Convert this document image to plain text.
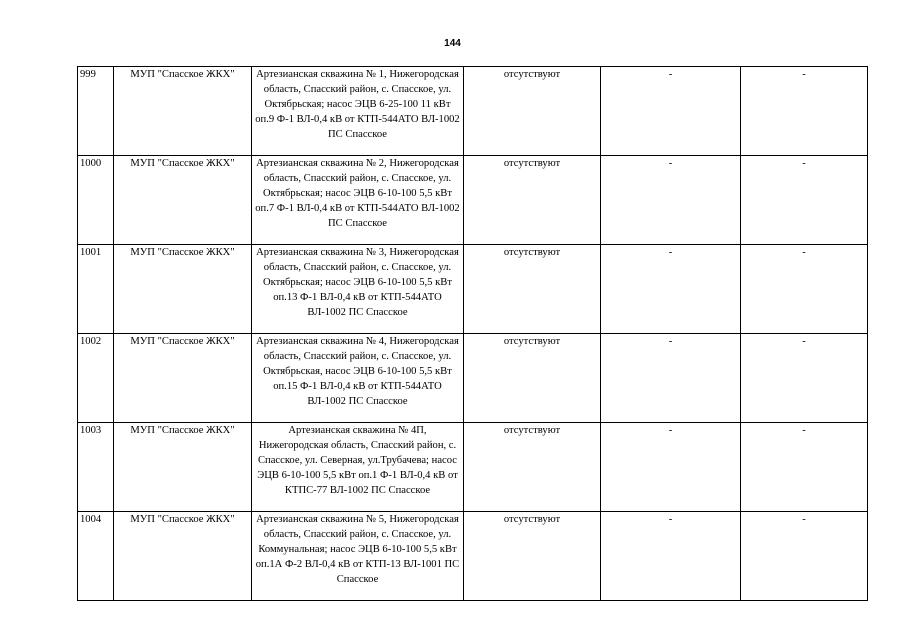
144
999	МУП "Спасское ЖКХ"	Артезианская скважина № 1, Нижегородская область, Спасский район, с. Спасское, ул. Октябрьская; насос ЭЦВ 6-25-100 11 кВт оп.9 Ф-1 ВЛ-0,4 кВ от КТП-544АТО ВЛ-1002 ПС Спасское	отсутствуют	-	-
1000	МУП "Спасское ЖКХ"	Артезианская скважина № 2, Нижегородская область, Спасский район, с. Спасское, ул. Октябрьская; насос ЭЦВ 6-10-100 5,5 кВт оп.7 Ф-1 ВЛ-0,4 кВ от КТП-544АТО ВЛ-1002 ПС Спасское	отсутствуют	-	-
1001	МУП "Спасское ЖКХ"	Артезианская скважина № 3, Нижегородская область, Спасский район, с. Спасское, ул. Октябрьская; насос ЭЦВ 6-10-100 5,5 кВт оп.13 Ф-1 ВЛ-0,4 кВ от КТП-544АТО ВЛ-1002 ПС Спасское	отсутствуют	-	-
1002	МУП "Спасское ЖКХ"	Артезианская скважина № 4, Нижегородская область, Спасский район, с. Спасское, ул. Октябрьская, насос ЭЦВ 6-10-100 5,5 кВт оп.15 Ф-1 ВЛ-0,4 кВ от КТП-544АТО ВЛ-1002 ПС Спасское	отсутствуют	-	-
1003	МУП "Спасское ЖКХ"	Артезианская скважина № 4П, Нижегородская область, Спасский район, с. Спасское, ул. Северная, ул.Трубачева; насос ЭЦВ 6-10-100 5,5 кВт оп.1 Ф-1 ВЛ-0,4 кВ от КТПС-77 ВЛ-1002 ПС Спасское	отсутствуют	-	-
1004	МУП "Спасское ЖКХ"	Артезианская скважина № 5, Нижегородская область, Спасский район, с. Спасское, ул. Коммунальная; насос ЭЦВ 6-10-100 5,5 кВт оп.1А Ф-2 ВЛ-0,4 кВ от КТП-13 ВЛ-1001 ПС Спасское	отсутствуют	-	-
